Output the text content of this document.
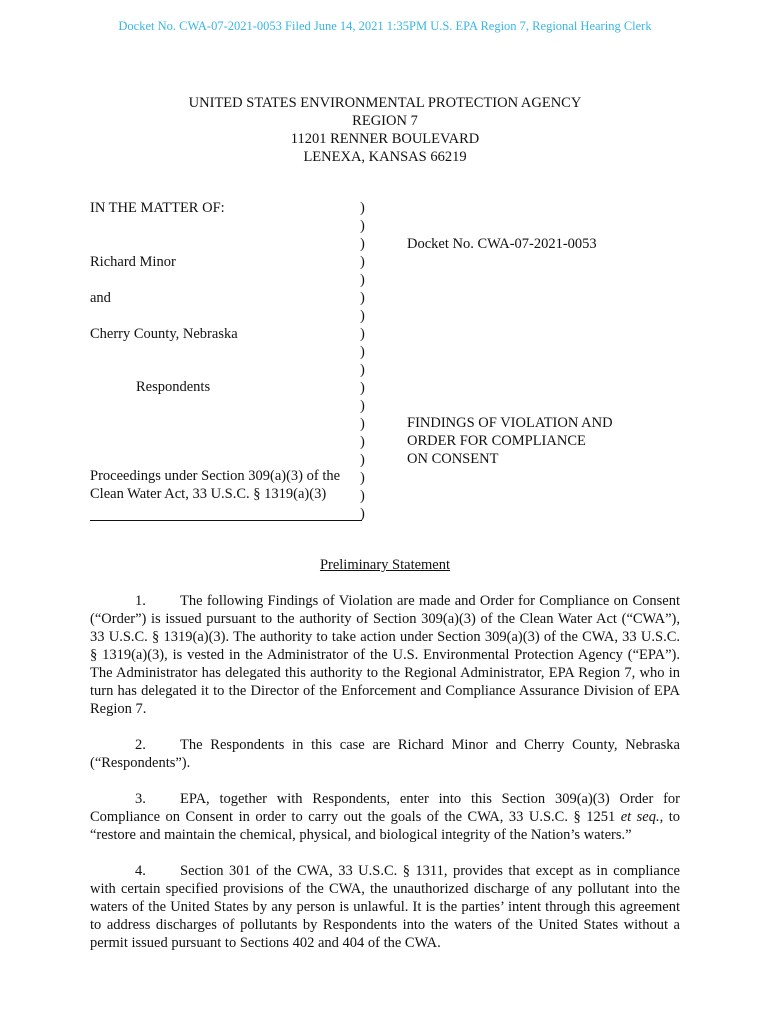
Docket No. CWA-07-2021-0053 Filed June 14, 2021 1:35PM U.S. EPA Region 7, Regional Hearing Clerk
UNITED STATES ENVIRONMENTAL PROTECTION AGENCY
REGION 7
11201 RENNER BOULEVARD
LENEXA, KANSAS 66219
IN THE MATTER OF:
Richard Minor
and
Cherry County, Nebraska
Respondents
Proceedings under Section 309(a)(3) of the
Clean Water Act, 33 U.S.C. § 1319(a)(3)
)
)
)
)
)
)
)
)
)
)
)
)
)
)
)
)
)
)
Docket No. CWA-07-2021-0053
FINDINGS OF VIOLATION AND
ORDER FOR COMPLIANCE
ON CONSENT
Preliminary Statement

1. The following Findings of Violation are made and Order for Compliance on Consent (“Order”) is issued pursuant to the authority of Section 309(a)(3) of the Clean Water Act (“CWA”), 33 U.S.C. § 1319(a)(3). The authority to take action under Section 309(a)(3) of the CWA, 33 U.S.C. § 1319(a)(3), is vested in the Administrator of the U.S. Environmental Protection Agency (“EPA”). The Administrator has delegated this authority to the Regional Administrator, EPA Region 7, who in turn has delegated it to the Director of the Enforcement and Compliance Assurance Division of EPA Region 7.

2. The Respondents in this case are Richard Minor and Cherry County, Nebraska (“Respondents”).

3. EPA, together with Respondents, enter into this Section 309(a)(3) Order for Compliance on Consent in order to carry out the goals of the CWA, 33 U.S.C. § 1251 et seq., to “restore and maintain the chemical, physical, and biological integrity of the Nation’s waters.”

4. Section 301 of the CWA, 33 U.S.C. § 1311, provides that except as in compliance with certain specified provisions of the CWA, the unauthorized discharge of any pollutant into the waters of the United States by any person is unlawful. It is the parties’ intent through this agreement to address discharges of pollutants by Respondents into the waters of the United States without a permit issued pursuant to Sections 402 and 404 of the CWA.
